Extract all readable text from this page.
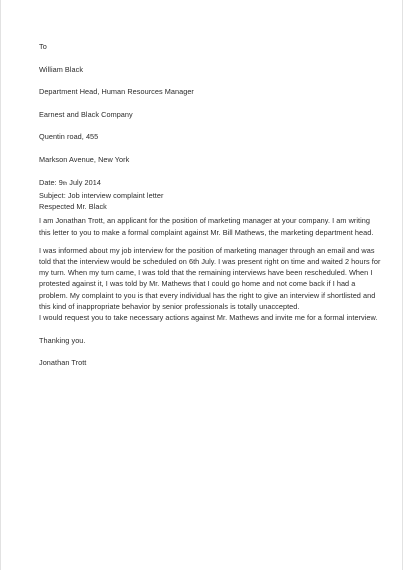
To
William Black
Department Head, Human Resources Manager
Earnest and Black Company
Quentin road, 455
Markson Avenue, New York
Date: 9th July 2014
Subject: Job interview complaint letter
Respected Mr. Black
I am Jonathan Trott, an applicant for the position of marketing manager at your company. I am writing
this letter to you to make a formal complaint against Mr. Bill Mathews, the marketing department head.
I was informed about my job interview for the position of marketing manager through an email and was
told that the interview would be scheduled on 6th July. I was present right on time and waited 2 hours for
my turn. When my turn came, I was told that the remaining interviews have been rescheduled. When I
protested against it, I was told by Mr. Mathews that I could go home and not come back if I had a
problem. My complaint to you is that every individual has the right to give an interview if shortlisted and
this kind of inappropriate behavior by senior professionals is totally unaccepted.
I would request you to take necessary actions against Mr. Mathews and invite me for a formal interview.
Thanking you.
Jonathan Trott
